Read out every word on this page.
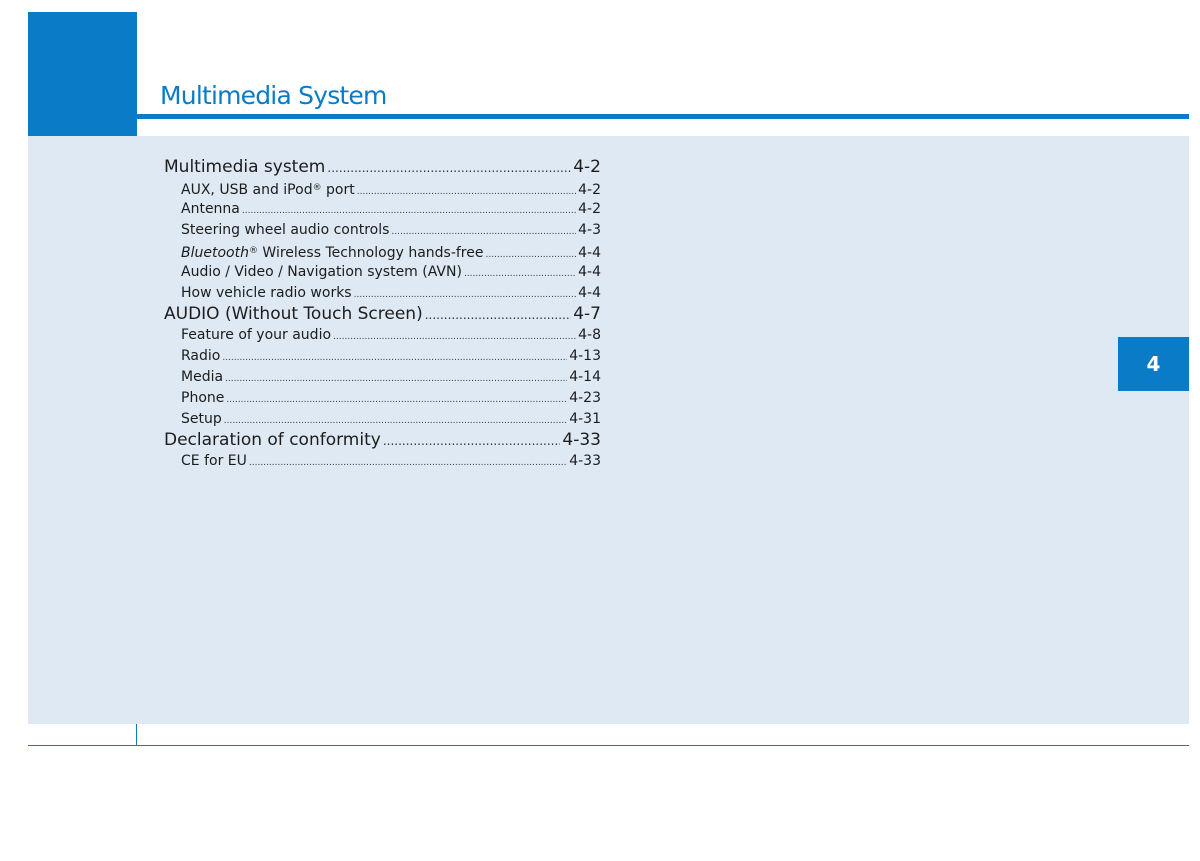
Multimedia System
4
Multimedia system .....	4-2
AUX, USB and iPod® port .....	4-2
Antenna .....	4-2
Steering wheel audio controls .....	4-3
Bluetooth® Wireless Technology hands-free .....	4-4
Audio / Video / Navigation system (AVN) .....	4-4
How vehicle radio works .....	4-4
AUDIO (Without Touch Screen) .....	4-7
Feature of your audio .....	4-8
Radio .....	4-13
Media .....	4-14
Phone .....	4-23
Setup .....	4-31
Declaration of conformity .....	4-33
CE for EU .....	4-33
